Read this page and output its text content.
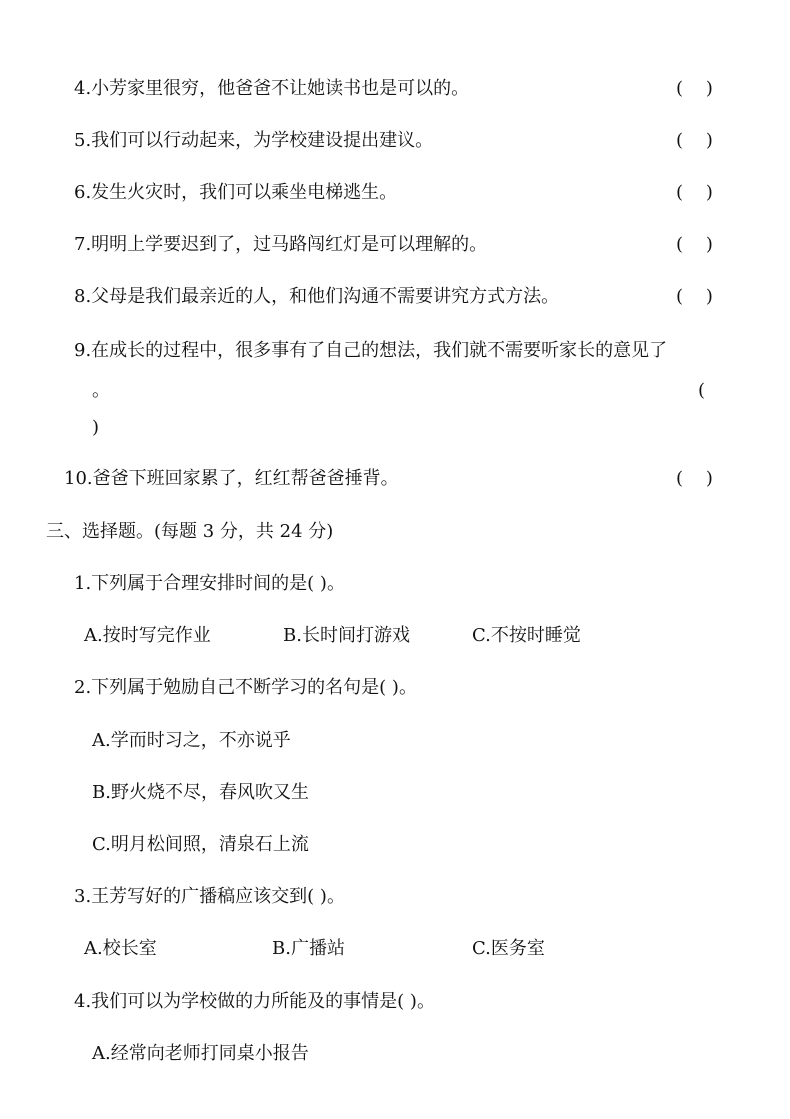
4.小芳家里很穷，他爸爸不让她读书也是可以的。	(    )
5.我们可以行动起来，为学校建设提出建议。	(    )
6.发生火灾时，我们可以乘坐电梯逃生。	(    )
7.明明上学要迟到了，过马路闯红灯是可以理解的。	(    )
8.父母是我们最亲近的人，和他们沟通不需要讲究方式方法。	(    )
9.在成长的过程中，很多事有了自己的想法，我们就不需要听家长的意见了
。	(
)
10.爸爸下班回家累了，红红帮爸爸捶背。	(    )
三、选择题。(每题 3 分，共 24 分)
1.下列属于合理安排时间的是( )。
A.按时写完作业	B.长时间打游戏	C.不按时睡觉
2.下列属于勉励自己不断学习的名句是( )。
A.学而时习之，不亦说乎
B.野火烧不尽，春风吹又生
C.明月松间照，清泉石上流
3.王芳写好的广播稿应该交到( )。
A.校长室	B.广播站	C.医务室
4.我们可以为学校做的力所能及的事情是( )。
A.经常向老师打同桌小报告
